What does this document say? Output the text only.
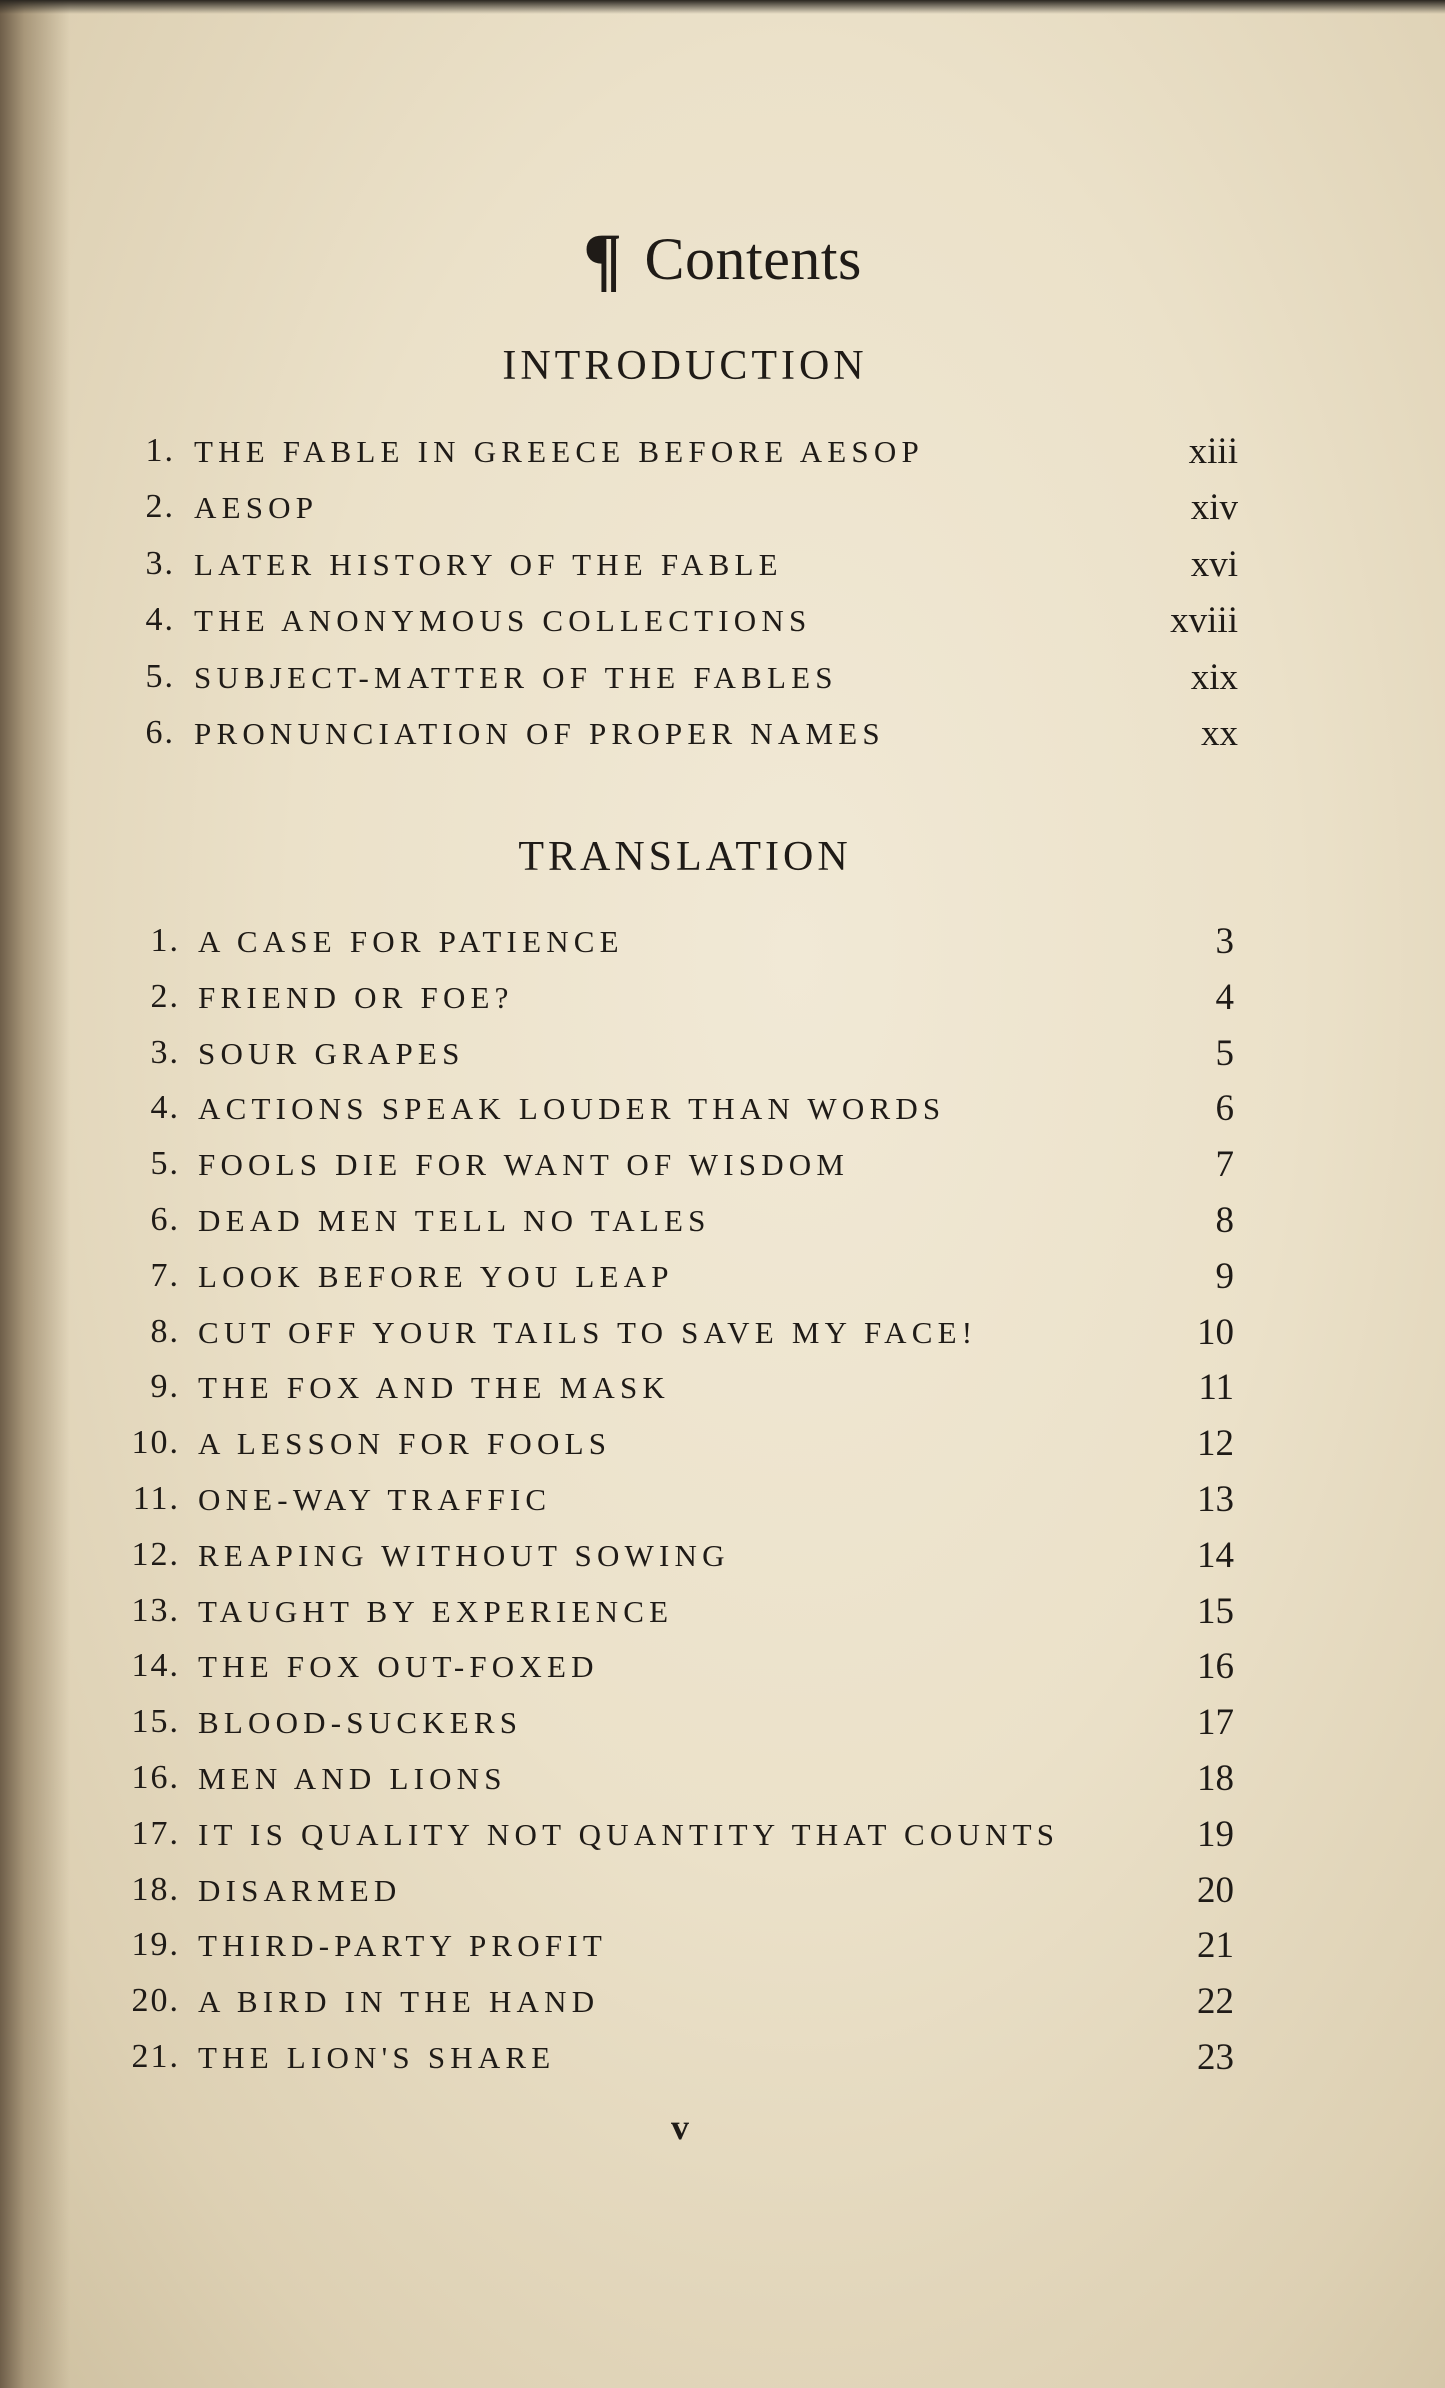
¶ Contents
INTRODUCTION
1. THE FABLE IN GREECE BEFORE AESOP	xiii
2. AESOP	xiv
3. LATER HISTORY OF THE FABLE	xvi
4. THE ANONYMOUS COLLECTIONS	xviii
5. SUBJECT-MATTER OF THE FABLES	xix
6. PRONUNCIATION OF PROPER NAMES	xx
TRANSLATION
1. A CASE FOR PATIENCE	3
2. FRIEND OR FOE?	4
3. SOUR GRAPES	5
4. ACTIONS SPEAK LOUDER THAN WORDS	6
5. FOOLS DIE FOR WANT OF WISDOM	7
6. DEAD MEN TELL NO TALES	8
7. LOOK BEFORE YOU LEAP	9
8. CUT OFF YOUR TAILS TO SAVE MY FACE!	10
9. THE FOX AND THE MASK	11
10. A LESSON FOR FOOLS	12
11. ONE-WAY TRAFFIC	13
12. REAPING WITHOUT SOWING	14
13. TAUGHT BY EXPERIENCE	15
14. THE FOX OUT-FOXED	16
15. BLOOD-SUCKERS	17
16. MEN AND LIONS	18
17. IT IS QUALITY NOT QUANTITY THAT COUNTS	19
18. DISARMED	20
19. THIRD-PARTY PROFIT	21
20. A BIRD IN THE HAND	22
21. THE LION'S SHARE	23
v
